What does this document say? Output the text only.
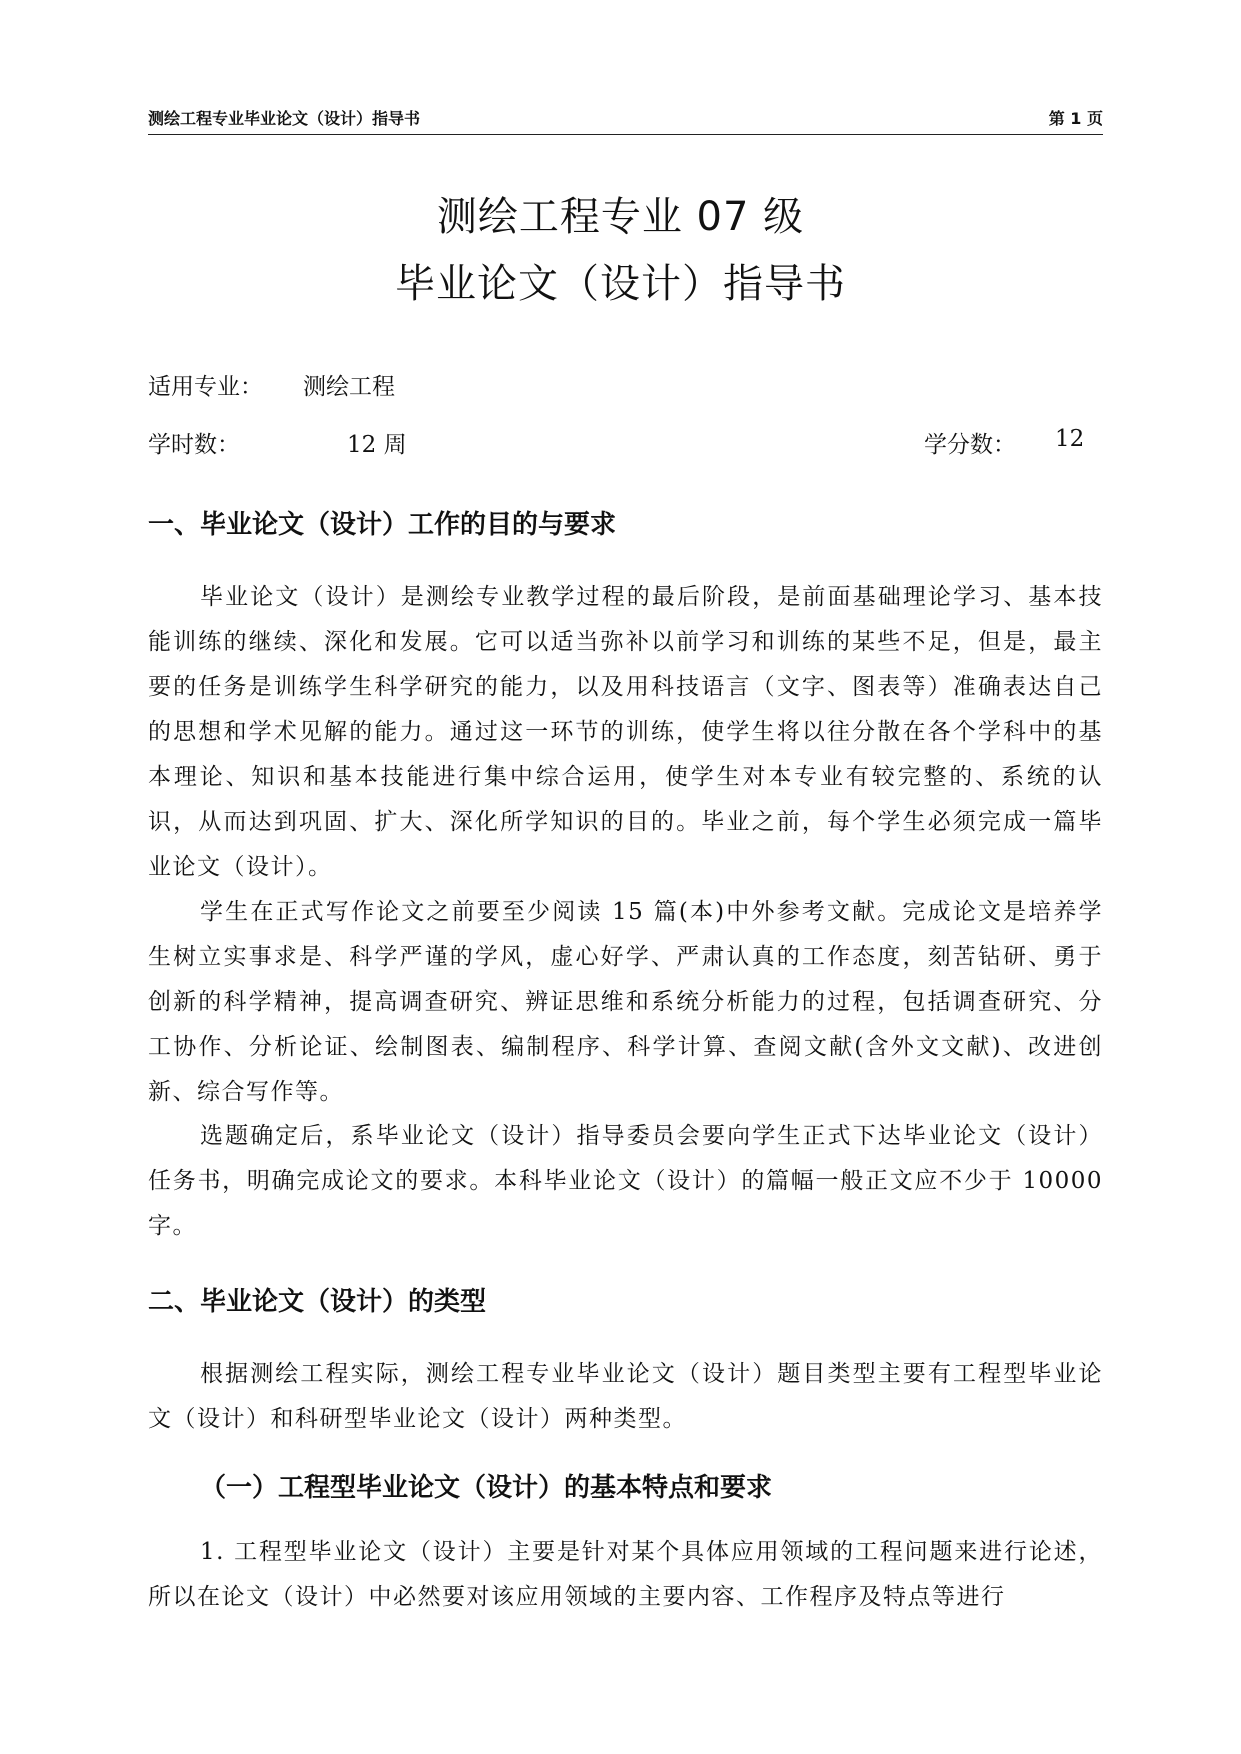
测绘工程专业毕业论文（设计）指导书	第 1 页
测绘工程专业 07 级
毕业论文（设计）指导书
适用专业： 测绘工程
学时数：	12 周	学分数： 12
一、毕业论文（设计）工作的目的与要求

毕业论文（设计）是测绘专业教学过程的最后阶段，是前面基础理论学习、基本技能训练的继续、深化和发展。它可以适当弥补以前学习和训练的某些不足，但是，最主要的任务是训练学生科学研究的能力，以及用科技语言（文字、图表等）准确表达自己的思想和学术见解的能力。通过这一环节的训练，使学生将以往分散在各个学科中的基本理论、知识和基本技能进行集中综合运用，使学生对本专业有较完整的、系统的认识，从而达到巩固、扩大、深化所学知识的目的。毕业之前，每个学生必须完成一篇毕业论文（设计）。

学生在正式写作论文之前要至少阅读 15 篇(本)中外参考文献。完成论文是培养学生树立实事求是、科学严谨的学风，虚心好学、严肃认真的工作态度，刻苦钻研、勇于创新的科学精神，提高调查研究、辨证思维和系统分析能力的过程，包括调查研究、分工协作、分析论证、绘制图表、编制程序、科学计算、查阅文献(含外文文献)、改进创新、综合写作等。

选题确定后，系毕业论文（设计）指导委员会要向学生正式下达毕业论文（设计）任务书，明确完成论文的要求。本科毕业论文（设计）的篇幅一般正文应不少于 10000 字。

二、毕业论文（设计）的类型

根据测绘工程实际，测绘工程专业毕业论文（设计）题目类型主要有工程型毕业论文（设计）和科研型毕业论文（设计）两种类型。

（一）工程型毕业论文（设计）的基本特点和要求

1. 工程型毕业论文（设计）主要是针对某个具体应用领域的工程问题来进行论述，所以在论文（设计）中必然要对该应用领域的主要内容、工作程序及特点等进行
